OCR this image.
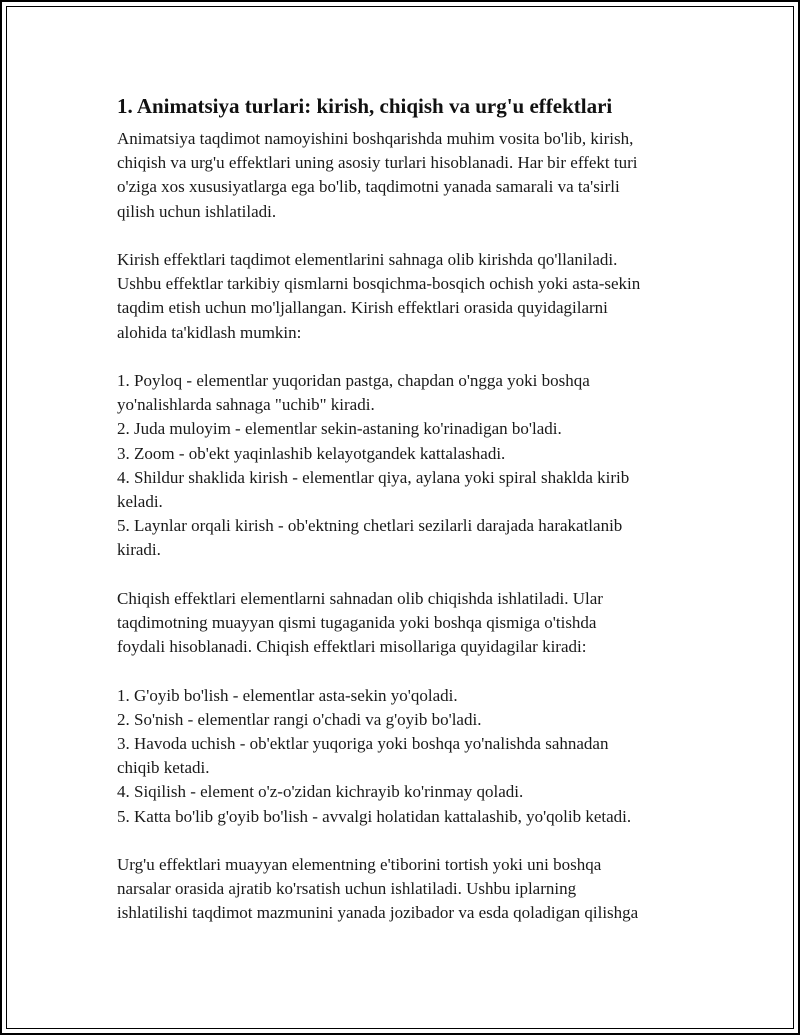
1. Animatsiya turlari: kirish, chiqish va urg'u effektlari

Animatsiya taqdimot namoyishini boshqarishda muhim vosita bo'lib, kirish,
chiqish va urg'u effektlari uning asosiy turlari hisoblanadi. Har bir effekt turi
o'ziga xos xususiyatlarga ega bo'lib, taqdimotni yanada samarali va ta'sirli
qilish uchun ishlatiladi.

Kirish effektlari taqdimot elementlarini sahnaga olib kirishda qo'llaniladi.
Ushbu effektlar tarkibiy qismlarni bosqichma-bosqich ochish yoki asta-sekin
taqdim etish uchun mo'ljallangan. Kirish effektlari orasida quyidagilarni
alohida ta'kidlash mumkin:

1. Poyloq - elementlar yuqoridan pastga, chapdan o'ngga yoki boshqa
yo'nalishlarda sahnaga "uchib" kiradi.
2. Juda muloyim - elementlar sekin-astaning ko'rinadigan bo'ladi.
3. Zoom - ob'ekt yaqinlashib kelayotgandek kattalashadi.
4. Shildur shaklida kirish - elementlar qiya, aylana yoki spiral shaklda kirib
keladi.
5. Laynlar orqali kirish - ob'ektning chetlari sezilarli darajada harakatlanib
kiradi.

Chiqish effektlari elementlarni sahnadan olib chiqishda ishlatiladi. Ular
taqdimotning muayyan qismi tugaganida yoki boshqa qismiga o'tishda
foydali hisoblanadi. Chiqish effektlari misollariga quyidagilar kiradi:

1. G'oyib bo'lish - elementlar asta-sekin yo'qoladi.
2. So'nish - elementlar rangi o'chadi va g'oyib bo'ladi.
3. Havoda uchish - ob'ektlar yuqoriga yoki boshqa yo'nalishda sahnadan
chiqib ketadi.
4. Siqilish - element o'z-o'zidan kichrayib ko'rinmay qoladi.
5. Katta bo'lib g'oyib bo'lish - avvalgi holatidan kattalashib, yo'qolib ketadi.

Urg'u effektlari muayyan elementning e'tiborini tortish yoki uni boshqa
narsalar orasida ajratib ko'rsatish uchun ishlatiladi. Ushbu iplarning
ishlatilishi taqdimot mazmunini yanada jozibador va esda qoladigan qilishga
